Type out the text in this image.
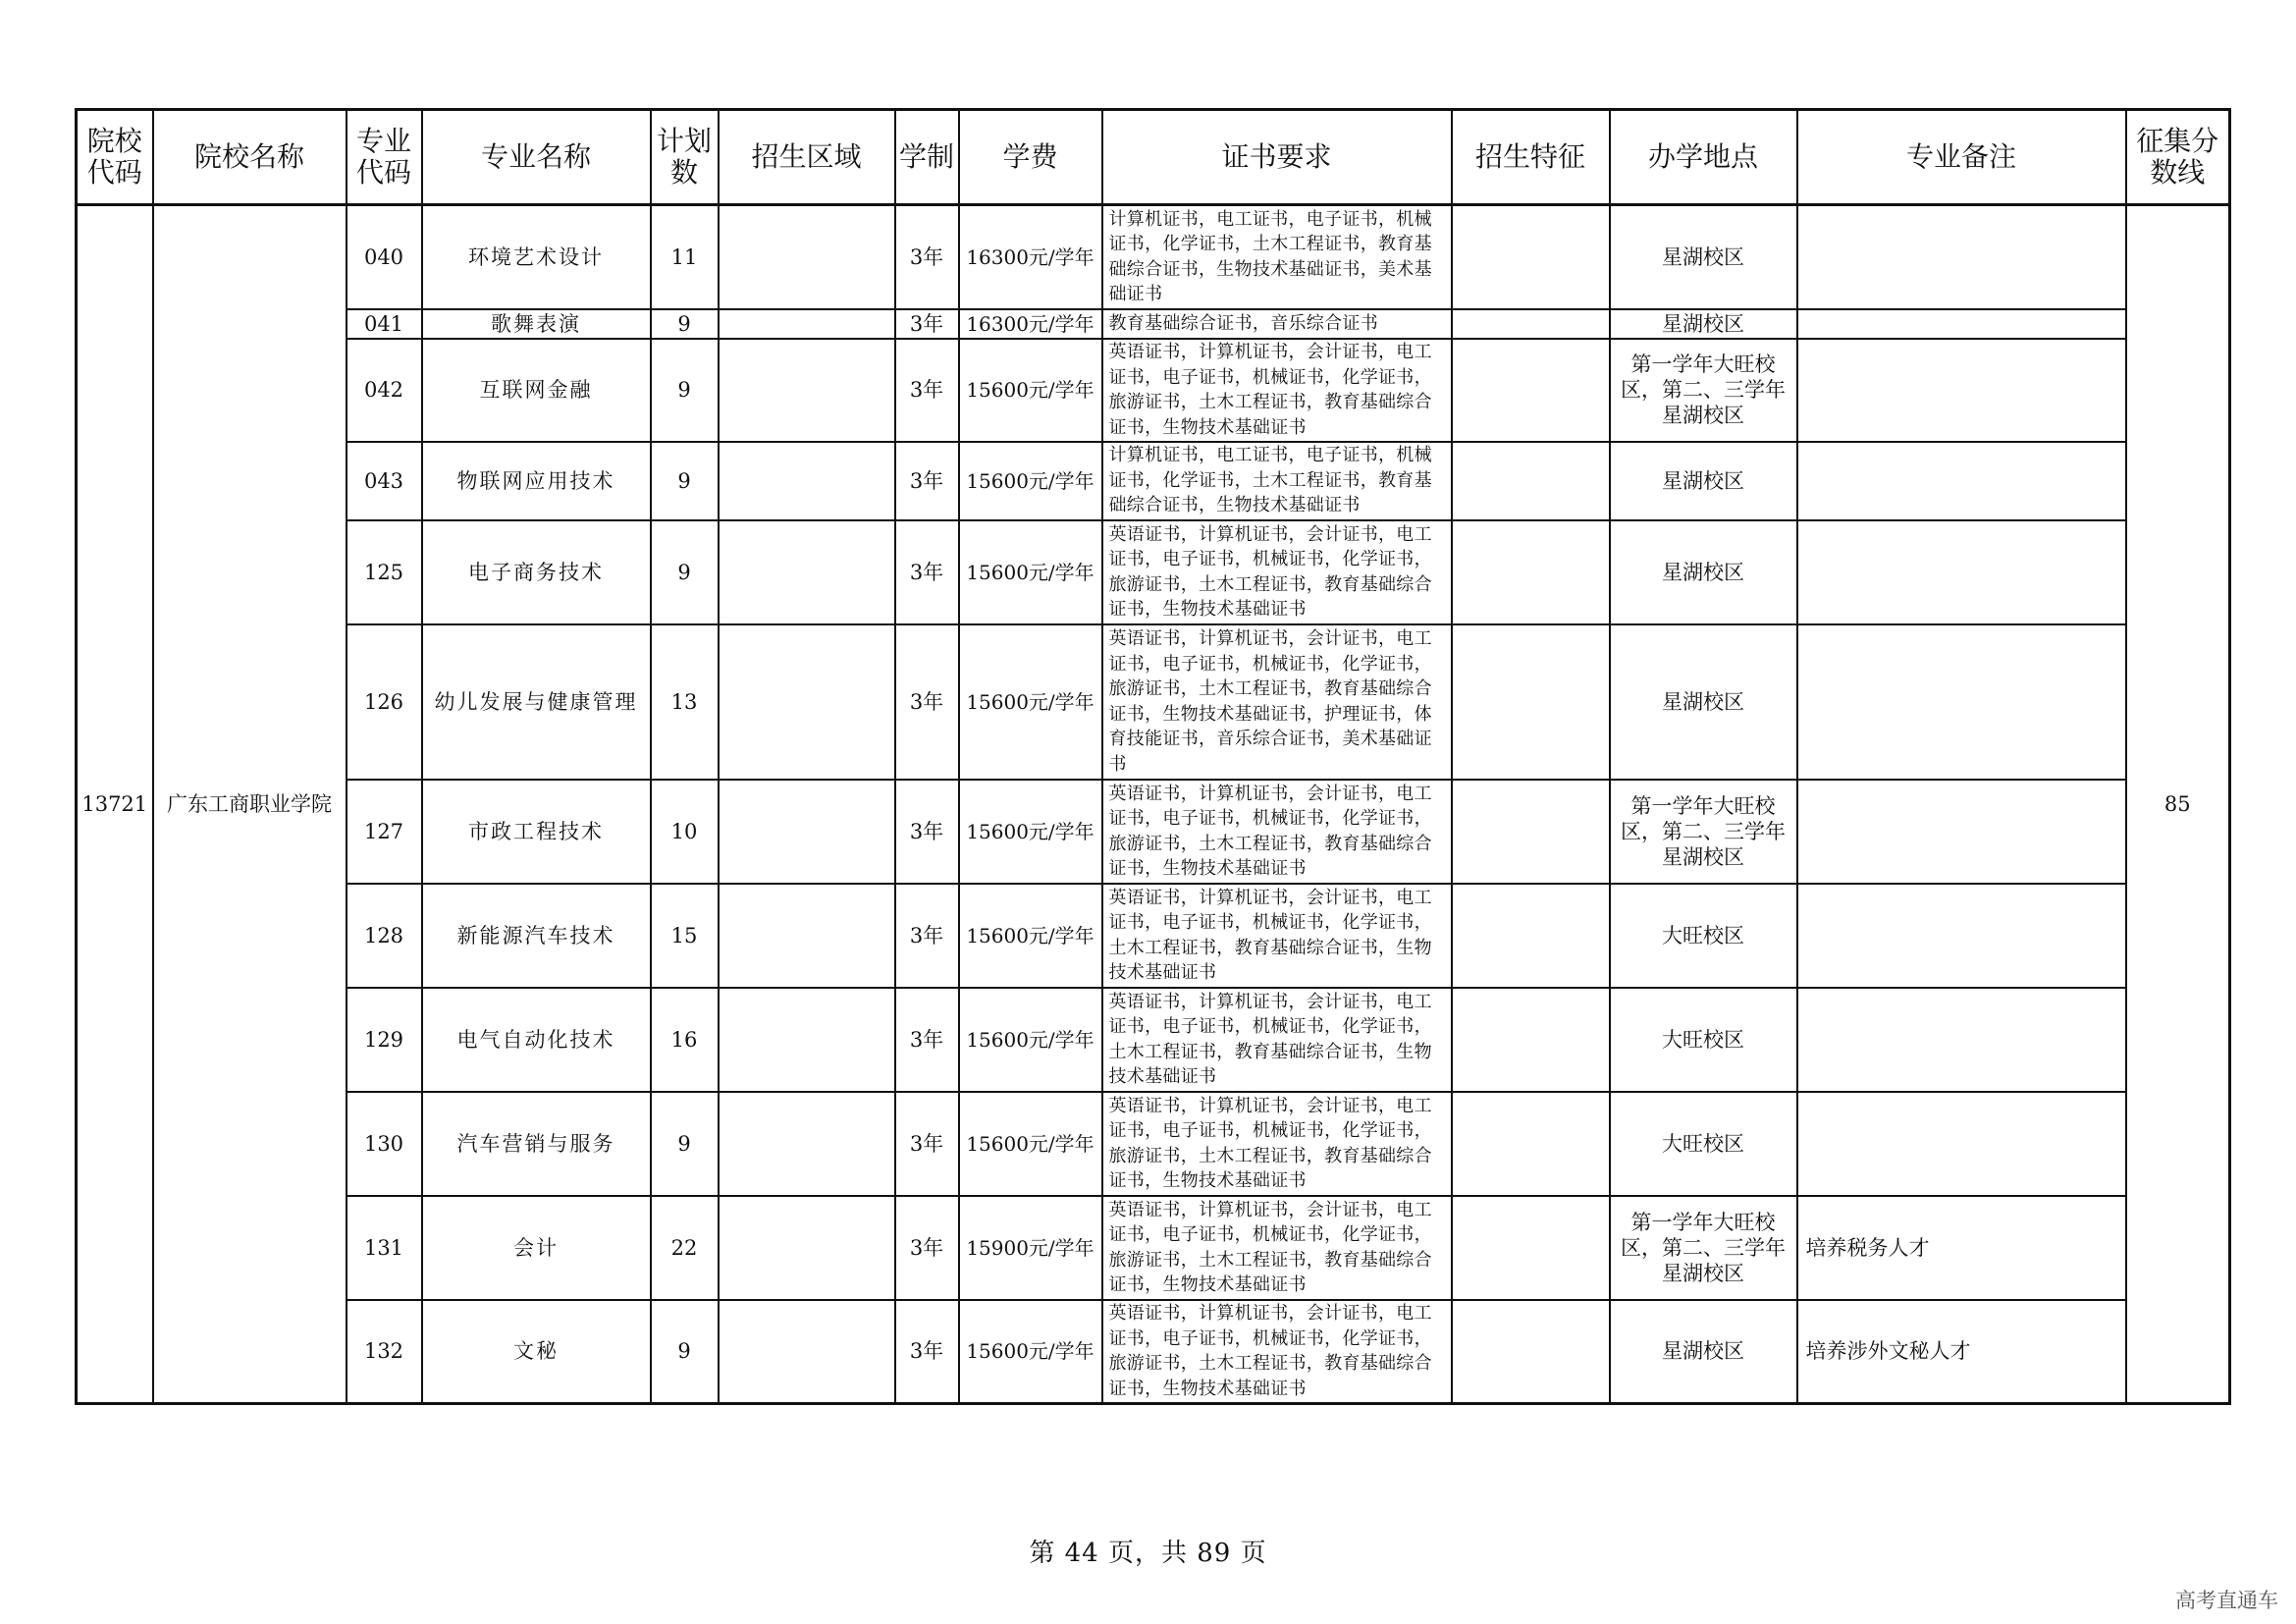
院校代码	院校名称	专业代码	专业名称	计划数	招生区域	学制	学费	证书要求	招生特征	办学地点	专业备注	征集分数线
13721	广东工商职业学院	040	环境艺术设计	11		3年	16300元/学年	计算机证书，电工证书，电子证书，机械证书，化学证书，土木工程证书，教育基础综合证书，生物技术基础证书，美术基础证书		星湖校区		85
		041	歌舞表演	9		3年	16300元/学年	教育基础综合证书，音乐综合证书		星湖校区		
		042	互联网金融	9		3年	15600元/学年	英语证书，计算机证书，会计证书，电工证书，电子证书，机械证书，化学证书，旅游证书，土木工程证书，教育基础综合证书，生物技术基础证书		第一学年大旺校区，第二、三学年星湖校区		
		043	物联网应用技术	9		3年	15600元/学年	计算机证书，电工证书，电子证书，机械证书，化学证书，土木工程证书，教育基础综合证书，生物技术基础证书		星湖校区		
		125	电子商务技术	9		3年	15600元/学年	英语证书，计算机证书，会计证书，电工证书，电子证书，机械证书，化学证书，旅游证书，土木工程证书，教育基础综合证书，生物技术基础证书		星湖校区		
		126	幼儿发展与健康管理	13		3年	15600元/学年	英语证书，计算机证书，会计证书，电工证书，电子证书，机械证书，化学证书，旅游证书，土木工程证书，教育基础综合证书，生物技术基础证书，护理证书，体育技能证书，音乐综合证书，美术基础证书		星湖校区		
		127	市政工程技术	10		3年	15600元/学年	英语证书，计算机证书，会计证书，电工证书，电子证书，机械证书，化学证书，旅游证书，土木工程证书，教育基础综合证书，生物技术基础证书		第一学年大旺校区，第二、三学年星湖校区		
		128	新能源汽车技术	15		3年	15600元/学年	英语证书，计算机证书，会计证书，电工证书，电子证书，机械证书，化学证书，土木工程证书，教育基础综合证书，生物技术基础证书		大旺校区		
		129	电气自动化技术	16		3年	15600元/学年	英语证书，计算机证书，会计证书，电工证书，电子证书，机械证书，化学证书，土木工程证书，教育基础综合证书，生物技术基础证书		大旺校区		
		130	汽车营销与服务	9		3年	15600元/学年	英语证书，计算机证书，会计证书，电工证书，电子证书，机械证书，化学证书，旅游证书，土木工程证书，教育基础综合证书，生物技术基础证书		大旺校区		
		131	会计	22		3年	15900元/学年	英语证书，计算机证书，会计证书，电工证书，电子证书，机械证书，化学证书，旅游证书，土木工程证书，教育基础综合证书，生物技术基础证书		第一学年大旺校区，第二、三学年星湖校区	培养税务人才	
		132	文秘	9		3年	15600元/学年	英语证书，计算机证书，会计证书，电工证书，电子证书，机械证书，化学证书，旅游证书，土木工程证书，教育基础综合证书，生物技术基础证书		星湖校区	培养涉外文秘人才	
第 44 页，共 89 页
高考直通车
